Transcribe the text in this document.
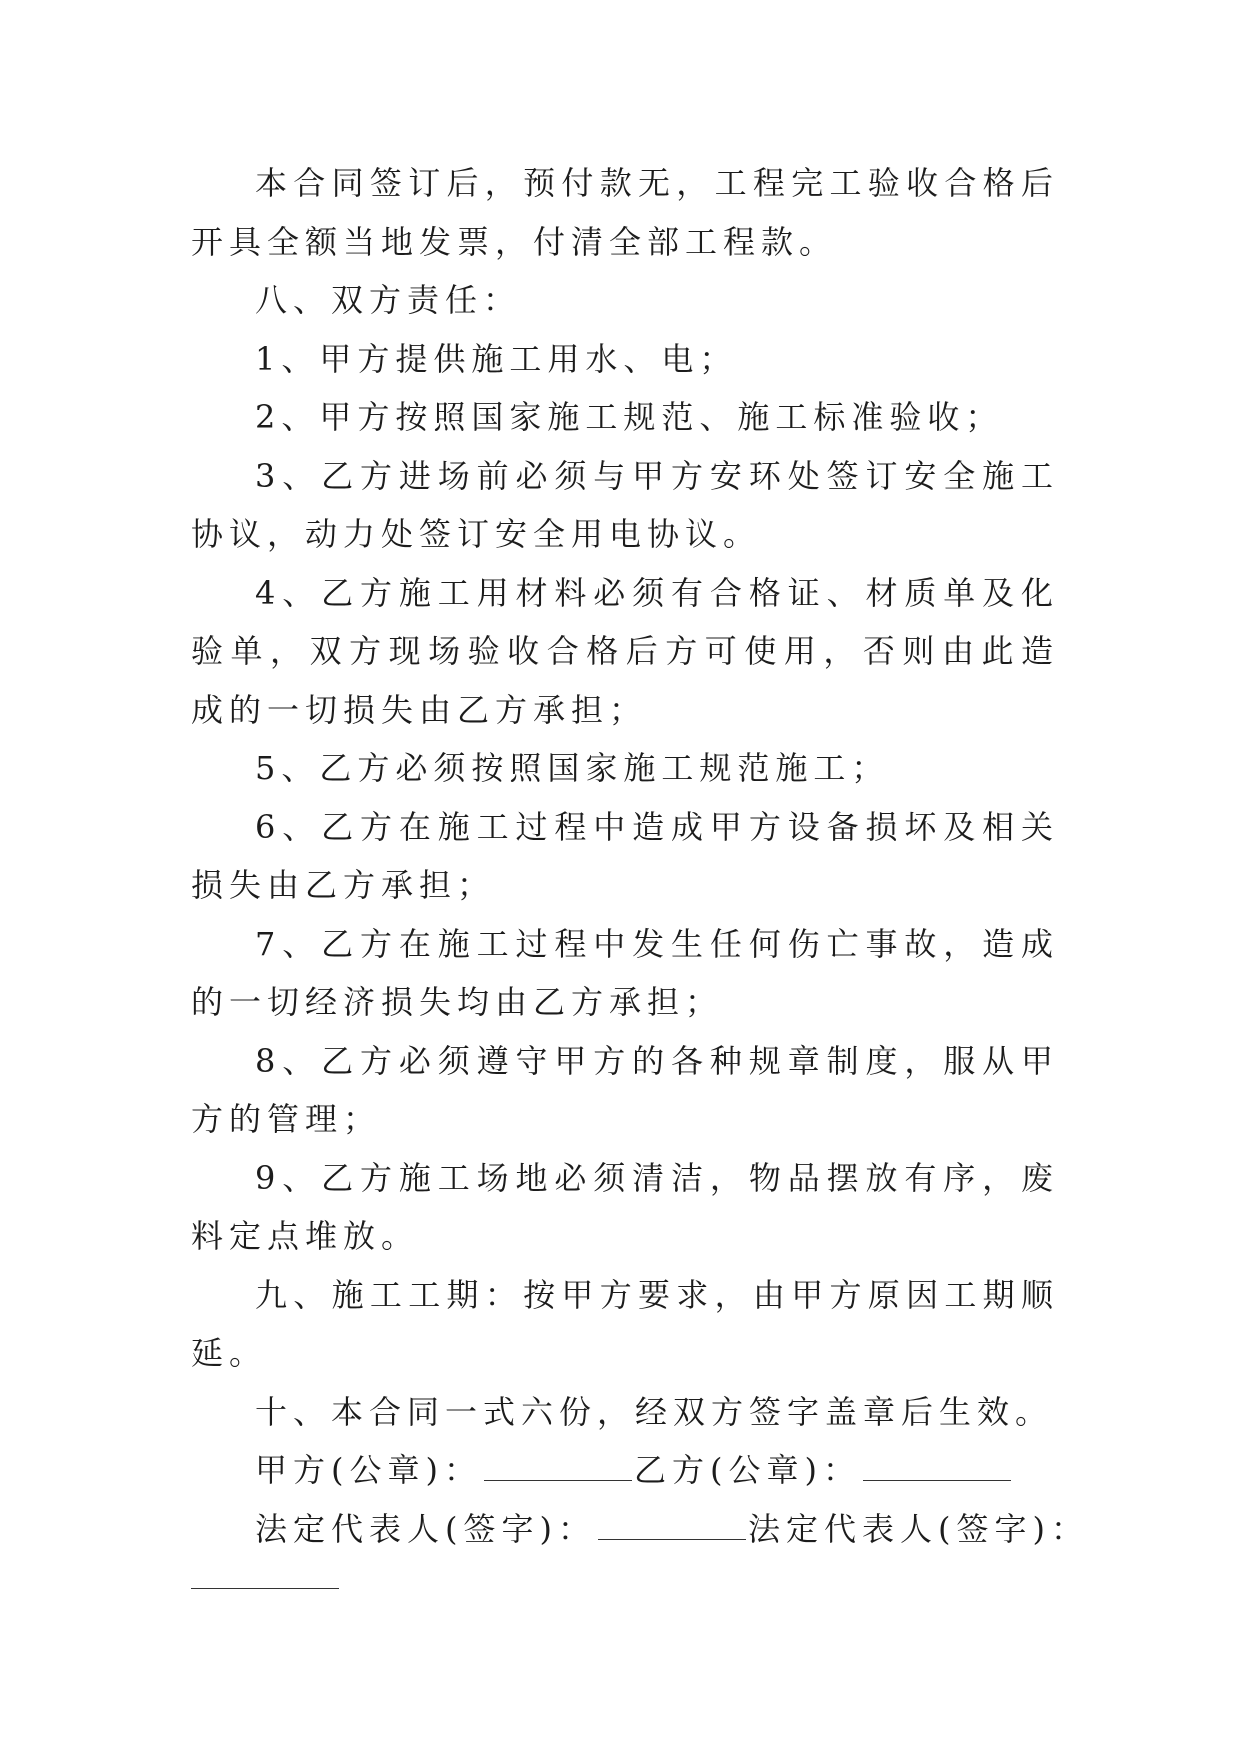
本合同签订后，预付款无，工程完工验收合格后开具全额当地发票，付清全部工程款。

八、双方责任：

1、甲方提供施工用水、电；

2、甲方按照国家施工规范、施工标准验收；

3、乙方进场前必须与甲方安环处签订安全施工协议，动力处签订安全用电协议。

4、乙方施工用材料必须有合格证、材质单及化验单，双方现场验收合格后方可使用，否则由此造成的一切损失由乙方承担；

5、乙方必须按照国家施工规范施工；

6、乙方在施工过程中造成甲方设备损坏及相关损失由乙方承担；

7、乙方在施工过程中发生任何伤亡事故，造成的一切经济损失均由乙方承担；

8、乙方必须遵守甲方的各种规章制度，服从甲方的管理；

9、乙方施工场地必须清洁，物品摆放有序，废料定点堆放。

九、施工工期：按甲方要求，由甲方原因工期顺延。

十、本合同一式六份，经双方签字盖章后生效。

甲方(公章)：	乙方(公章)：

法定代表人(签字)：	法定代表人(签字)：
